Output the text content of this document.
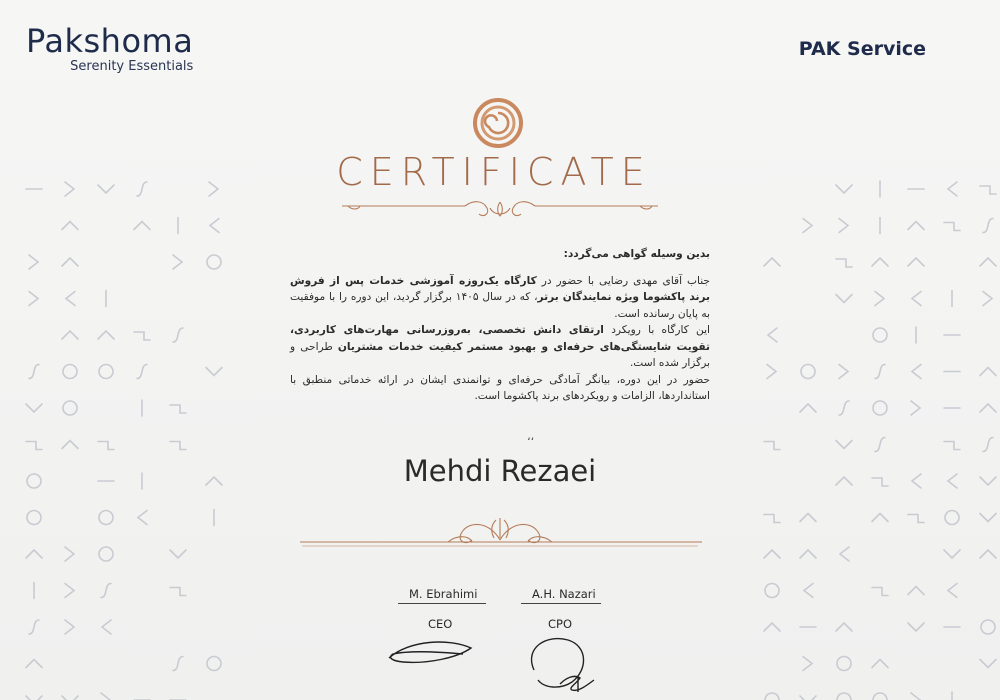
Pakshoma
Serenity Essentials
PAK Service
CERTIFICATE

بدین وسیله گواهی می‌گردد:

جناب آقای مهدی رضایی با حضور در کارگاه یک‌روزه آموزشی خدمات پس از فروش برند پاکشوما ویژه نمایندگان برتر، که در سال ۱۴۰۵ برگزار گردید، این دوره را با موفقیت به پایان رسانده است.

این کارگاه با رویکرد ارتقای دانش تخصصی، به‌روزرسانی مهارت‌های کاربردی، تقویت شایستگی‌های حرفه‌ای و بهبود مستمر کیفیت خدمات مشتریان طراحی و برگزار شده است.

حضور در این دوره، بیانگر آمادگی حرفه‌ای و توانمندی ایشان در ارائه خدماتی منطبق با استانداردها، الزامات و رویکردهای برند پاکشوما است.

،،
Mehdi Rezaei
M. Ebrahimi
CEO
A.H. Nazari
CPO
